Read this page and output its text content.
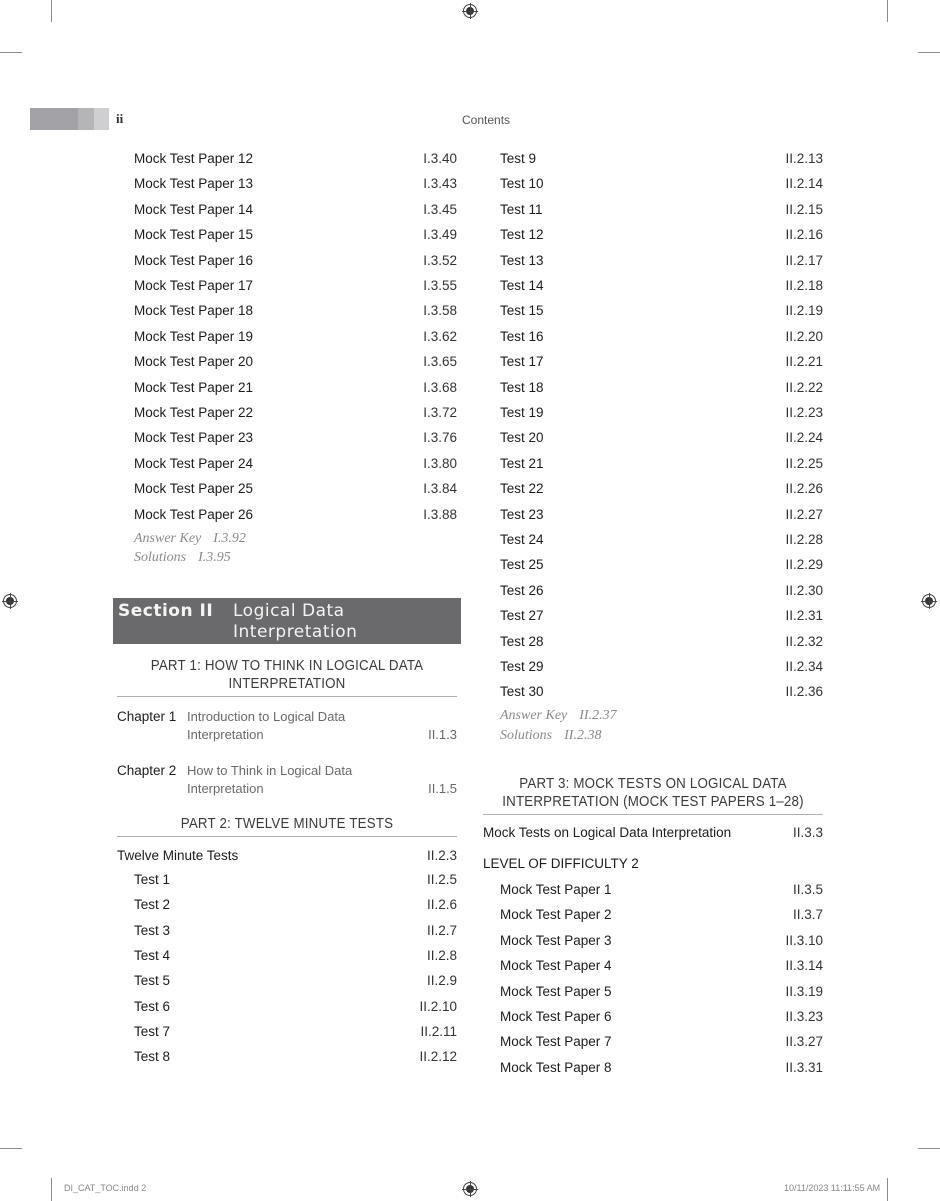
ii	Contents
Mock Test Paper 12	I.3.40
Mock Test Paper 13	I.3.43
Mock Test Paper 14	I.3.45
Mock Test Paper 15	I.3.49
Mock Test Paper 16	I.3.52
Mock Test Paper 17	I.3.55
Mock Test Paper 18	I.3.58
Mock Test Paper 19	I.3.62
Mock Test Paper 20	I.3.65
Mock Test Paper 21	I.3.68
Mock Test Paper 22	I.3.72
Mock Test Paper 23	I.3.76
Mock Test Paper 24	I.3.80
Mock Test Paper 25	I.3.84
Mock Test Paper 26	I.3.88
Answer Key I.3.92
Solutions I.3.95
Section II Logical Data
Interpretation
PART 1: HOW TO THINK IN LOGICAL DATA
INTERPRETATION
Chapter 1 Introduction to Logical Data
Interpretation	II.1.3
Chapter 2 How to Think in Logical Data
Interpretation	II.1.5
PART 2: TWELVE MINUTE TESTS
Twelve Minute Tests	II.2.3
Test 1	II.2.5
Test 2	II.2.6
Test 3	II.2.7
Test 4	II.2.8
Test 5	II.2.9
Test 6	II.2.10
Test 7	II.2.11
Test 8	II.2.12
Test 9	II.2.13
Test 10	II.2.14
Test 11	II.2.15
Test 12	II.2.16
Test 13	II.2.17
Test 14	II.2.18
Test 15	II.2.19
Test 16	II.2.20
Test 17	II.2.21
Test 18	II.2.22
Test 19	II.2.23
Test 20	II.2.24
Test 21	II.2.25
Test 22	II.2.26
Test 23	II.2.27
Test 24	II.2.28
Test 25	II.2.29
Test 26	II.2.30
Test 27	II.2.31
Test 28	II.2.32
Test 29	II.2.34
Test 30	II.2.36
Answer Key II.2.37
Solutions II.2.38
PART 3: MOCK TESTS ON LOGICAL DATA
INTERPRETATION (MOCK TEST PAPERS 1–28)
Mock Tests on Logical Data Interpretation	II.3.3
LEVEL OF DIFFICULTY 2
Mock Test Paper 1	II.3.5
Mock Test Paper 2	II.3.7
Mock Test Paper 3	II.3.10
Mock Test Paper 4	II.3.14
Mock Test Paper 5	II.3.19
Mock Test Paper 6	II.3.23
Mock Test Paper 7	II.3.27
Mock Test Paper 8	II.3.31
DI_CAT_TOC.indd 2	10/11/2023 11:11:55 AM
